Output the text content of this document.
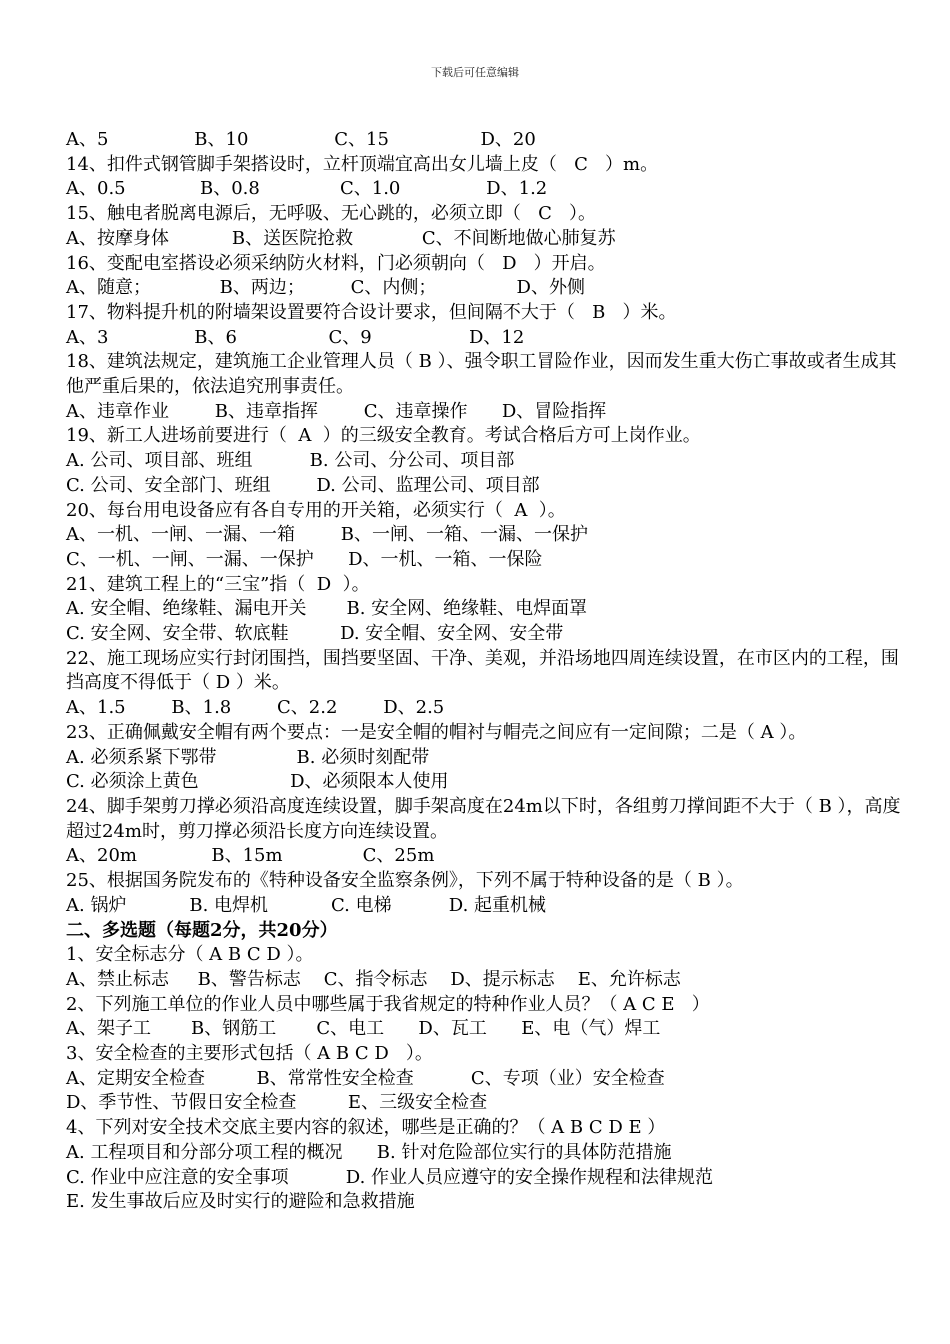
下载后可任意编辑
A、5               B、10               C、15                D、20
14、扣件式钢管脚手架搭设时，立杆顶端宜高出女儿墙上皮（   C   ）m。
A、0.5             B、0.8              C、1.0               D、1.2
15、触电者脱离电源后，无呼吸、无心跳的，必须立即（   C   ）。
A、按摩身体           B、送医院抢救            C、不间断地做心肺复苏
16、变配电室搭设必须采纳防火材料，门必须朝向（   D   ）开启。
A、随意；            B、两边；        C、内侧；              D、外侧
17、物料提升机的附墙架设置要符合设计要求，但间隔不大于（   B   ）米。
A、3               B、6                C、9                 D、12
18、建筑法规定，建筑施工企业管理人员（ B ）、强令职工冒险作业，因而发生重大伤亡事故或者生成其他严重后果的，依法追究刑事责任。
A、违章作业        B、违章指挥        C、违章操作      D、冒险指挥
19、新工人进场前要进行（  A  ）的三级安全教育。考试合格后方可上岗作业。
A. 公司、项目部、班组          B. 公司、分公司、项目部
C. 公司、安全部门、班组        D. 公司、监理公司、项目部
20、每台用电设备应有各自专用的开关箱，必须实行（  A  ）。
A、一机、一闸、一漏、一箱        B、一闸、一箱、一漏、一保护
C、一机、一闸、一漏、一保护      D、一机、一箱、一保险
21、建筑工程上的“三宝”指（  D  ）。
A. 安全帽、绝缘鞋、漏电开关       B. 安全网、绝缘鞋、电焊面罩
C. 安全网、安全带、软底鞋         D. 安全帽、安全网、安全带
22、施工现场应实行封闭围挡，围挡要坚固、干净、美观，并沿场地四周连续设置，在市区内的工程，围挡高度不得低于（ D ）米。
A、1.5        B、1.8        C、2.2        D、2.5
23、正确佩戴安全帽有两个要点：一是安全帽的帽衬与帽壳之间应有一定间隙；二是（ A ）。
A. 必须系紧下鄂带              B. 必须时刻配带
C. 必须涂上黄色                D、必须限本人使用
24、脚手架剪刀撑必须沿高度连续设置，脚手架高度在24m以下时，各组剪刀撑间距不大于（ B ），高度超过24m时，剪刀撑必须沿长度方向连续设置。
A、20m             B、15m              C、25m
25、根据国务院发布的《特种设备安全监察条例》，下列不属于特种设备的是（ B ）。
A. 锅炉           B. 电焊机           C. 电梯          D. 起重机械
二、多选题（每题2分，共20分）
1、安全标志分（ A B C D ）。
A、禁止标志     B、警告标志    C、指令标志    D、提示标志    E、允许标志
2、下列施工单位的作业人员中哪些属于我省规定的特种作业人员？（ A C E   ）
A、架子工       B、钢筋工       C、电工      D、瓦工      E、电（气）焊工
3、安全检查的主要形式包括（ A B C D   ）。
A、定期安全检查         B、常常性安全检查          C、专项（业）安全检查
D、季节性、节假日安全检查         E、三级安全检查
4、下列对安全技术交底主要内容的叙述，哪些是正确的？（ A B C D E ）
A. 工程项目和分部分项工程的概况      B. 针对危险部位实行的具体防范措施
C. 作业中应注意的安全事项          D. 作业人员应遵守的安全操作规程和法律规范
E. 发生事故后应及时实行的避险和急救措施
